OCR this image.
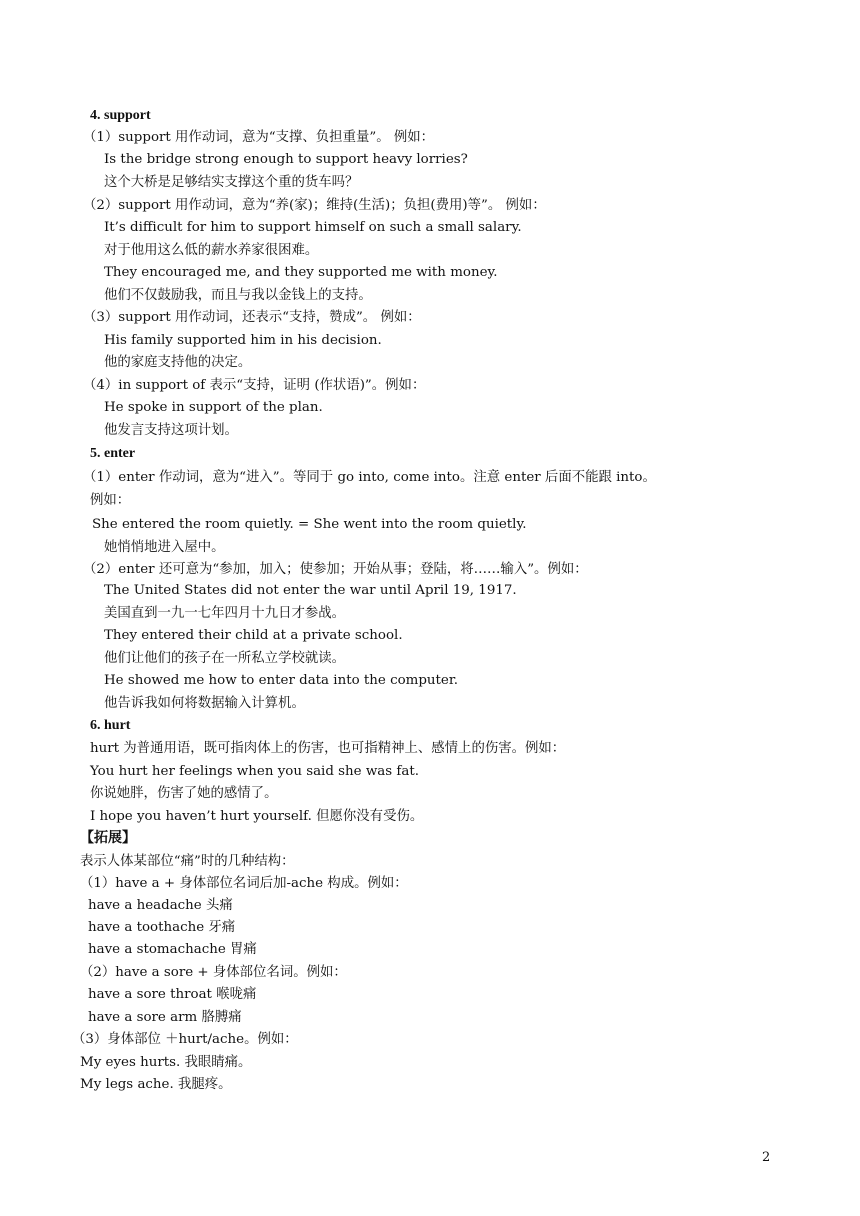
4. support
（1）support 用作动词，意为“支撑、负担重量”。 例如：
Is the bridge strong enough to support heavy lorries?
这个大桥是足够结实支撑这个重的货车吗？
（2）support 用作动词，意为“养(家)；维持(生活)；负担(费用)等”。 例如：
It’s difficult for him to support himself on such a small salary.
对于他用这么低的薪水养家很困难。
They encouraged me, and they supported me with money.
他们不仅鼓励我，而且与我以金钱上的支持。
（3）support 用作动词，还表示“支持，赞成”。 例如：
His family supported him in his decision.
他的家庭支持他的决定。
（4）in support of 表示“支持，证明 (作状语)”。例如：
He spoke in support of the plan.
他发言支持这项计划。
5. enter
（1）enter 作动词，意为“进入”。等同于 go into, come into。注意 enter 后面不能跟 into。
例如：
She entered the room quietly. = She went into the room quietly.
她悄悄地进入屋中。
（2）enter 还可意为“参加，加入；使参加；开始从事；登陆，将……输入”。例如：
The United States did not enter the war until April 19, 1917.
美国直到一九一七年四月十九日才参战。
They entered their child at a private school.
他们让他们的孩子在一所私立学校就读。
He showed me how to enter data into the computer.
他告诉我如何将数据输入计算机。
6. hurt
hurt 为普通用语，既可指肉体上的伤害，也可指精神上、感情上的伤害。例如：
You hurt her feelings when you said she was fat.
你说她胖，伤害了她的感情了。
I hope you haven’t hurt yourself. 但愿你没有受伤。
【拓展】
表示人体某部位“痛”时的几种结构：
（1）have a + 身体部位名词后加-ache 构成。例如：
have a headache 头痛
have a toothache 牙痛
have a stomachache 胃痛
（2）have a sore + 身体部位名词。例如：
have a sore throat 喉咙痛
have a sore arm 胳膊痛
（3）身体部位 ＋hurt/ache。例如：
My eyes hurts. 我眼睛痛。
My legs ache. 我腿疼。
2
